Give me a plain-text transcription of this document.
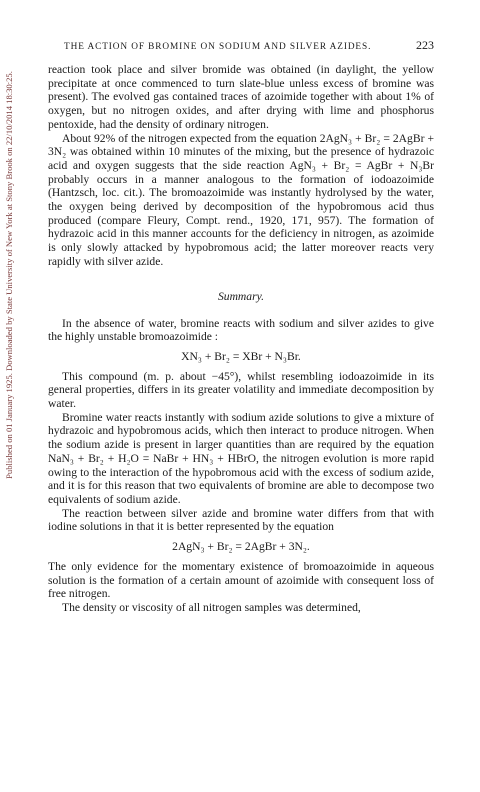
Published on 01 January 1925. Downloaded by State University of New York at Stony Brook on 22/10/2014 18:30:25.
THE ACTION OF BROMINE ON SODIUM AND SILVER AZIDES.	223

reaction took place and silver bromide was obtained (in daylight, the yellow precipitate at once commenced to turn slate-blue unless excess of bromine was present). The evolved gas contained traces of azoimide together with about 1% of oxygen, but no nitrogen oxides, and after drying with lime and phosphorus pentoxide, had the density of ordinary nitrogen.

About 92% of the nitrogen expected from the equation 2AgN₃ + Br₂ = 2AgBr + 3N₂ was obtained within 10 minutes of the mixing, but the presence of hydrazoic acid and oxygen suggests that the side reaction AgN₃ + Br₂ = AgBr + N₃Br probably occurs in a manner analogous to the formation of iodoazoimide (Hantzsch, loc. cit.). The bromoazoimide was instantly hydrolysed by the water, the oxygen being derived by decomposition of the hypobromous acid thus produced (compare Fleury, Compt. rend., 1920, 171, 957). The formation of hydrazoic acid in this manner accounts for the deficiency in nitrogen, as azoimide is only slowly attacked by hypobromous acid; the latter moreover reacts very rapidly with silver azide.

Summary.

In the absence of water, bromine reacts with sodium and silver azides to give the highly unstable bromoazoimide :

XN₃ + Br₂ = XBr + N₃Br.

This compound (m. p. about −45°), whilst resembling iodoazoimide in its general properties, differs in its greater volatility and immediate decomposition by water.

Bromine water reacts instantly with sodium azide solutions to give a mixture of hydrazoic and hypobromous acids, which then interact to produce nitrogen. When the sodium azide is present in larger quantities than are required by the equation NaN₃ + Br₂ + H₂O = NaBr + HN₃ + HBrO, the nitrogen evolution is more rapid owing to the interaction of the hypobromous acid with the excess of sodium azide, and it is for this reason that two equivalents of bromine are able to decompose two equivalents of sodium azide.

The reaction between silver azide and bromine water differs from that with iodine solutions in that it is better represented by the equation

2AgN₃ + Br₂ = 2AgBr + 3N₂.

The only evidence for the momentary existence of bromoazoimide in aqueous solution is the formation of a certain amount of azoimide with consequent loss of free nitrogen.

The density or viscosity of all nitrogen samples was determined,
